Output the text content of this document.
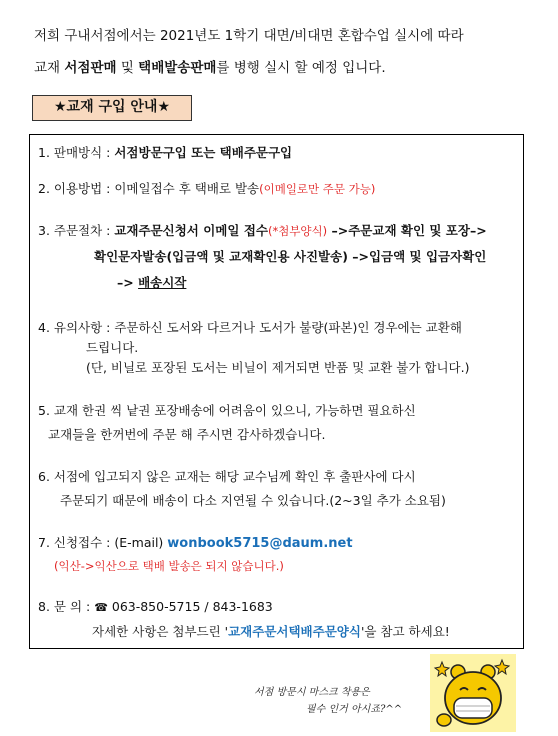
저희 구내서점에서는 2021년도 1학기 대면/비대면 혼합수업 실시에 따라
교재 서점판매 및 택배발송판매를 병행 실시 할 예정 입니다.
★교재 구입 안내★
1. 판매방식 : 서점방문구입 또는 택배주문구입
2. 이용방법 : 이메일접수 후 택배로 발송(이메일로만 주문 가능)
3. 주문절차 : 교재주문신청서 이메일 접수(*첨부양식) –>주문교재 확인 및 포장–>
확인문자발송(입금액 및 교재확인용 사진발송) –>입금액 및 입금자확인
–> 배송시작
4. 유의사항 : 주문하신 도서와 다르거나 도서가 불량(파본)인 경우에는 교환해
드립니다.
(단, 비닐로 포장된 도서는 비닐이 제거되면 반품 및 교환 불가 합니다.)
5. 교재 한권 씩 낱권 포장배송에 어려움이 있으니, 가능하면 필요하신
교재들을 한꺼번에 주문 해 주시면 감사하겠습니다.
6. 서점에 입고되지 않은 교재는 해당 교수님께 확인 후 출판사에 다시
주문되기 때문에 배송이 다소 지연될 수 있습니다.(2~3일 추가 소요됨)
7. 신청접수 : (E-mail) wonbook5715@daum.net
(익산->익산으로 택배 발송은 되지 않습니다.)
8. 문 의 : ☎ 063-850-5715 / 843-1683
자세한 사항은 첨부드린 '교재주문서택배주문양식'을 참고 하세요!
서점 방문시 마스크 착용은
필수 인거 아시죠?^^
